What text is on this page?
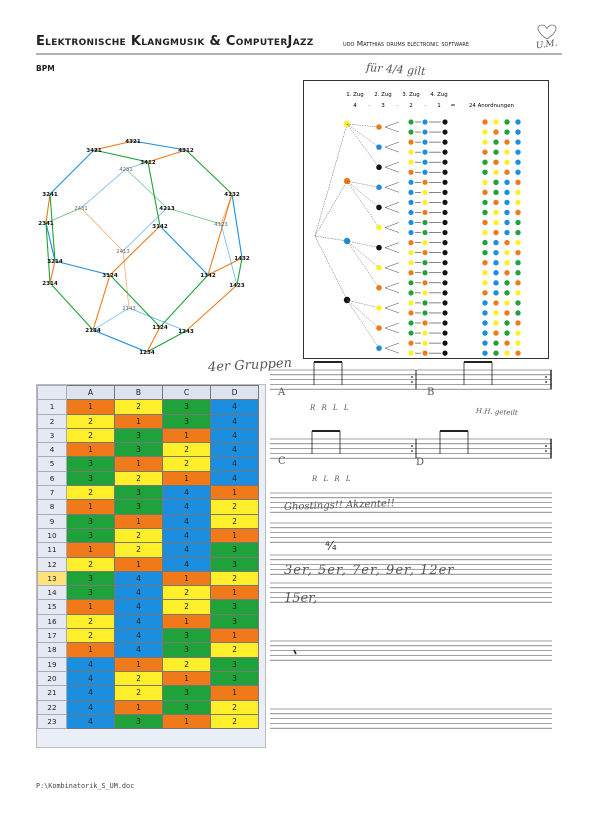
Elektronische Klangmusik & ComputerJazz	udo Matthias drums electronic software	U.M.
BPM
4321
3421	4312
3412
4231
3241	4132
2341
2431	4213
3142	4123
3214
2413
1432
2314
3124	1342
1423
2143
2134	1324
1243
1234
für 4/4 gilt
1. Zug 2. Zug 3. Zug 4. Zug
4	3	2	1
·	·	·	=	24 Anordnungen
	A	B	C	D
1	1	2	3	4
2	2	1	3	4
3	2	3	1	4
4	1	3	2	4
5	3	1	2	4
6	3	2	1	4
7	2	3	4	1
8	1	3	4	2
9	3	1	4	2
10	3	2	4	1
11	1	2	4	3
12	2	1	4	3
13	3	4	1	2
14	3	4	2	1
15	1	4	2	3
16	2	4	1	3
17	2	4	3	1
18	1	4	3	2
19	4	1	2	3
20	4	2	1	3
21	4	2	3	1
22	4	1	3	2
23	4	3	1	2
⁴⁄₄
4er Gruppen
R R L L	H.H. geteilt
R L R L
Ghostings!! Akzente!!
3er, 5er, 7er, 9er, 12er
15er,
A	B
C	D
P:\Kombinatorik_S_UM.doc
